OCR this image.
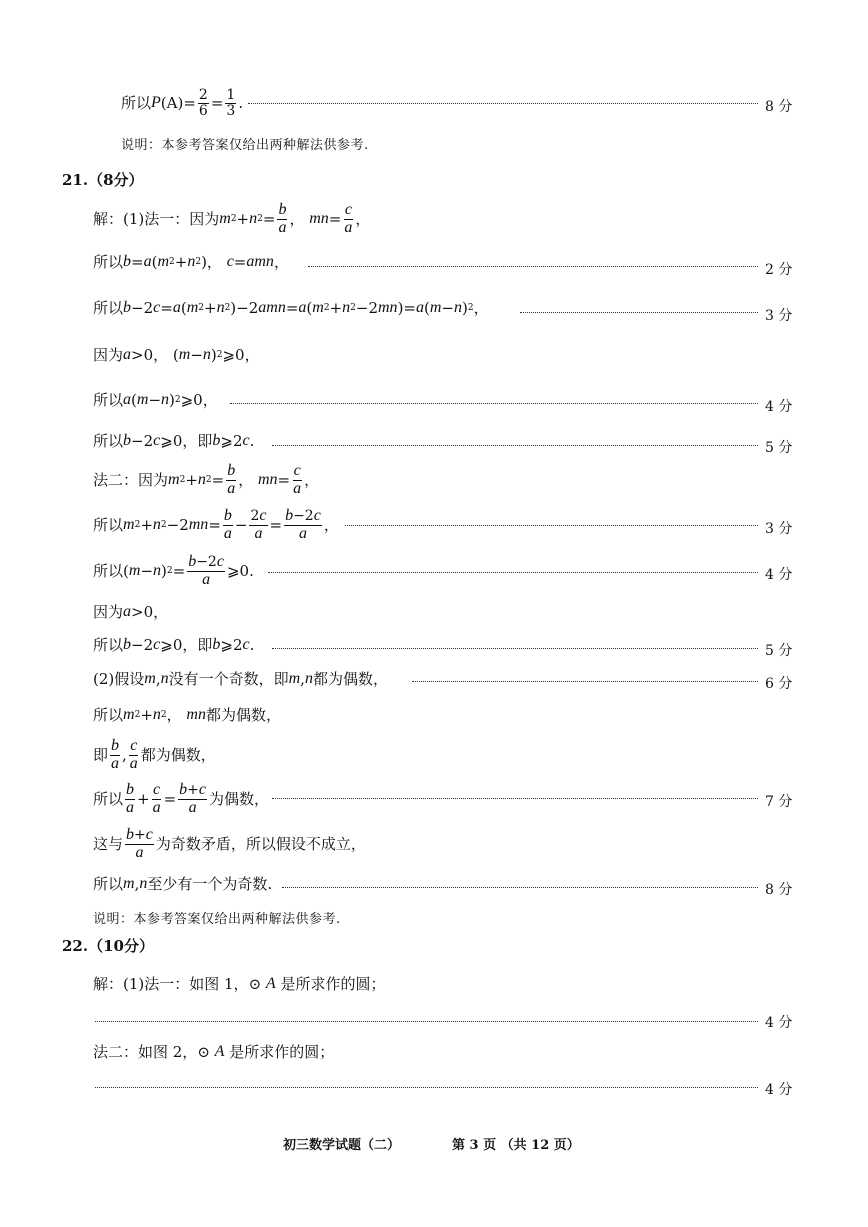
所以 P (A)= 2
6 = 1
3 .	8 分
说明：本参考答案仅给出两种解法供参考.
21.（8分）
解：(1)法一：因为 m 2 + n 2 =
b
a ，
mn =
c
a ，
所以 b = a ( m 2 + n 2 )， c = amn ，	2 分
所以 b −2 c = a ( m 2 + n 2 )−2 amn = a ( m 2 + n 2 −2 mn )= a ( m − n ) 2 ，	3 分
因为 a >0， ( m − n ) 2 ⩾0，
所以 a ( m − n ) 2 ⩾0，	4 分
所以 b −2 c ⩾0，即 b ⩾2 c .	5 分
法二：因为 m 2 + n 2 =
b
a ， mn =
c
a ，
所以 m 2 + n 2 −2 mn =
b
a − 2c
a =
b−2c
a ，	3 分
所以 ( m − n ) 2 =
b−2c
a ⩾0 .	4 分
因为 a >0，
所以 b −2 c ⩾0，即 b ⩾2 c .	5 分
(2)假设 m , n 没有一个奇数，即 m , n 都为偶数，	6 分
所以 m 2 + n 2 ， mn 都为偶数，
即
b
a ,
c
a 都为偶数，
所以
b
a +
c
a =
b+c
a 为偶数，	7 分
这与
b+c
a 为奇数矛盾，所以假设不成立，
所以 m , n 至少有一个为奇数.	8 分
说明：本参考答案仅给出两种解法供参考.
22.（10分）
解：(1)法一：如图 1， ⊙ A
是所求作的圆；
4 分
法二：如图 2， ⊙ A
是所求作的圆；
4 分
初三数学试题（二）	第 3 页 （共 12 页）
